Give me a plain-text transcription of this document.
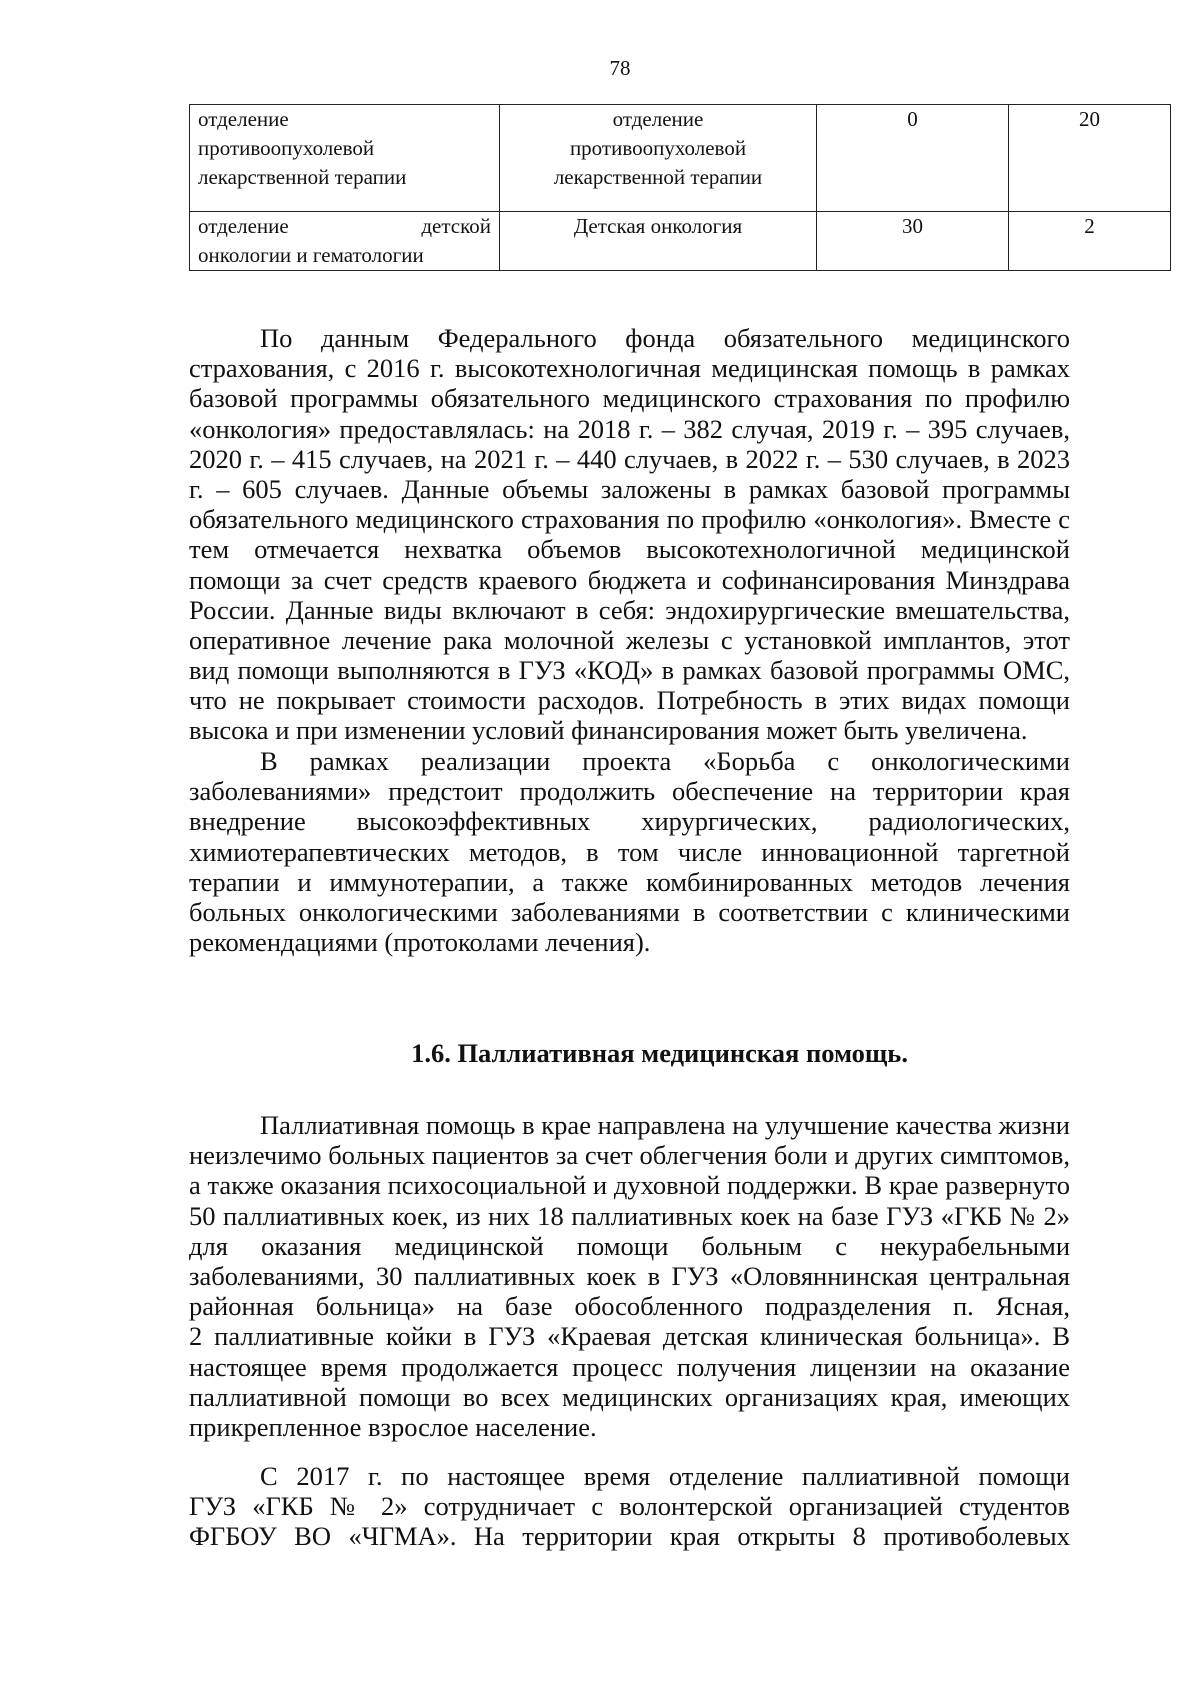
78
отделение
противоопухолевой
лекарственной терапии	отделение
противоопухолевой
лекарственной терапии	0	20

отделение детской
онкологии и гематологии	Детская онкология	30	2
По данным Федерального фонда обязательного медицинского
страхования, с 2016 г. высокотехнологичная медицинская помощь в рамках
базовой программы обязательного медицинского страхования по профилю
«онкология» предоставлялась: на 2018 г. – 382 случая, 2019 г. – 395 случаев,
2020 г. – 415 случаев, на 2021 г. – 440 случаев, в 2022 г. – 530 случаев, в 2023
г. – 605 случаев. Данные объемы заложены в рамках базовой программы
обязательного медицинского страхования по профилю «онкология». Вместе с
тем отмечается нехватка объемов высокотехнологичной медицинской
помощи за счет средств краевого бюджета и софинансирования Минздрава
России. Данные виды включают в себя: эндохирургические вмешательства,
оперативное лечение рака молочной железы с установкой имплантов, этот
вид помощи выполняются в ГУЗ «КОД» в рамках базовой программы ОМС,
что не покрывает стоимости расходов. Потребность в этих видах помощи
высока и при изменении условий финансирования может быть увеличена.
В рамках реализации проекта «Борьба с онкологическими
заболеваниями» предстоит продолжить обеспечение на территории края
внедрение высокоэффективных хирургических, радиологических,
химиотерапевтических методов, в том числе инновационной таргетной
терапии и иммунотерапии, а также комбинированных методов лечения
больных онкологическими заболеваниями в соответствии с клиническими
рекомендациями (протоколами лечения).
1.6. Паллиативная медицинская помощь.
Паллиативная помощь в крае направлена на улучшение качества жизни
неизлечимо больных пациентов за счет облегчения боли и других симптомов,
а также оказания психосоциальной и духовной поддержки. В крае развернуто
50 паллиативных коек, из них 18 паллиативных коек на базе ГУЗ «ГКБ № 2»
для оказания медицинской помощи больным с некурабельными
заболеваниями, 30 паллиативных коек в ГУЗ «Оловяннинская центральная
районная больница» на базе обособленного подразделения п. Ясная,
2 паллиативные койки в ГУЗ «Краевая детская клиническая больница». В
настоящее время продолжается процесс получения лицензии на оказание
паллиативной помощи во всех медицинских организациях края, имеющих
прикрепленное взрослое население.
С 2017 г. по настоящее время отделение паллиативной помощи
ГУЗ «ГКБ № 2» сотрудничает с волонтерской организацией студентов
ФГБОУ ВО «ЧГМА». На территории края открыты 8 противоболевых
